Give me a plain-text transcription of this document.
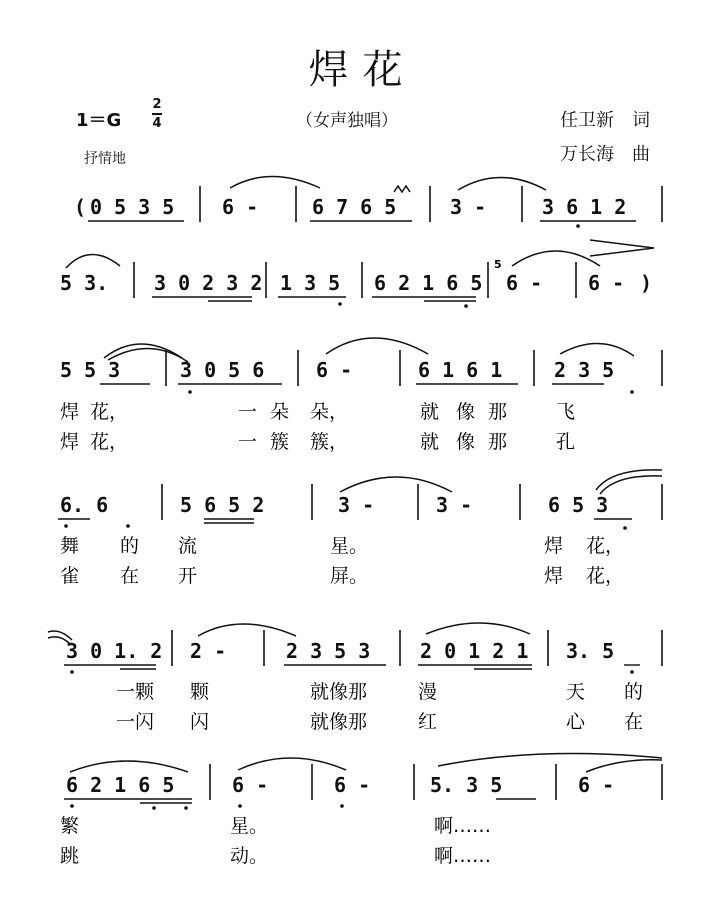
焊花
1＝G
2
4	（女声独唱）	任卫新　词
万长海　曲
抒情地
( 0 5 3 5 6 -	6 7 6 5	3 -	3 6 1 2
5 3. 3 0 2 3 2 1 3 5 6 2 1 6 5
5
6 - 6 - )
5 5 3	3 0 5 6	6 -	6 1 6 1	2 3 5
焊 花，	一 朵 朵，	就 像 那	飞
焊 花，	一 簇 簇，	就 像 那	孔
6. 6	5 6 5 2	3 -	3 -	6 5 3
舞 的 流	星。	焊 花，
雀 在 开	屏。	焊 花，
3 0 1. 2 2 -	2 3 5 3 2 0 1 2 1 3. 5
一颗 颗	就像那	漫	天 的
一闪 闪	就像那	红	心 在
6 2 1 6 5	6 -	6 -	5. 3 5	6 -
繁	星。	啊……
跳	动。	啊……
